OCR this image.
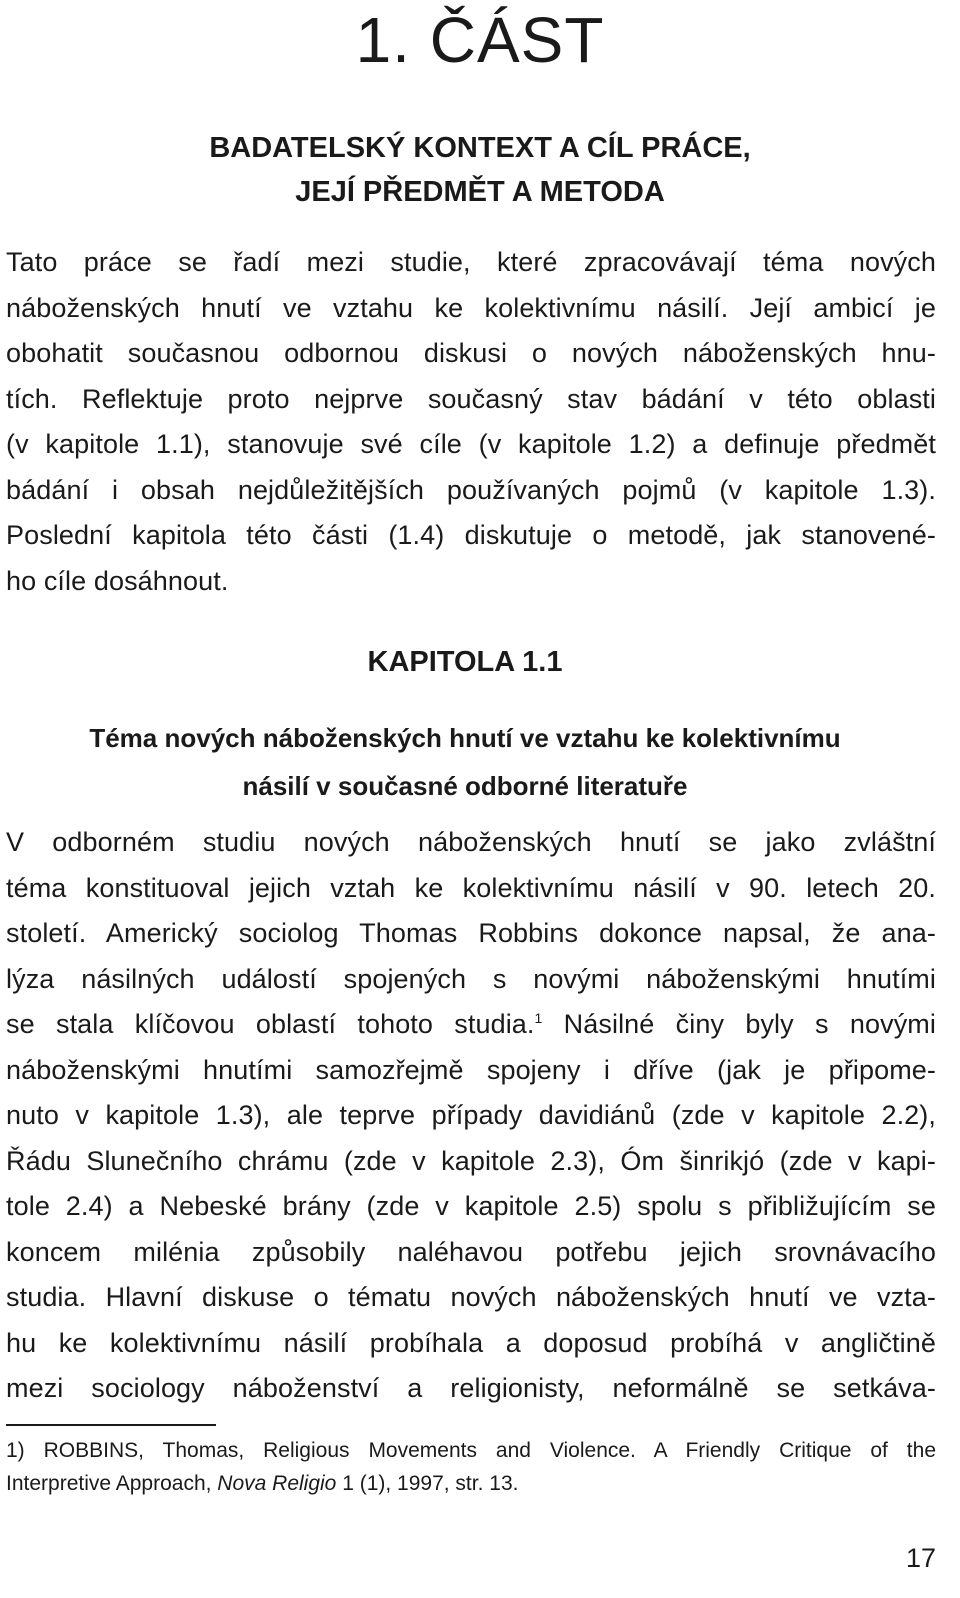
1. ČÁST
BADATELSKÝ KONTEXT A CÍL PRÁCE,
JEJÍ PŘEDMĚT A METODA
Tato práce se řadí mezi studie, které zpracovávají téma nových
náboženských hnutí ve vztahu ke kolektivnímu násilí. Její ambicí je
obohatit současnou odbornou diskusi o nových náboženských hnu-
tích. Reflektuje proto nejprve současný stav bádání v této oblasti
(v kapitole 1.1), stanovuje své cíle (v kapitole 1.2) a definuje předmět
bádání i obsah nejdůležitějších používaných pojmů (v kapitole 1.3).
Poslední kapitola této části (1.4) diskutuje o metodě, jak stanovené-
ho cíle dosáhnout.
KAPITOLA 1.1
Téma nových náboženských hnutí ve vztahu ke kolektivnímu
násilí v současné odborné literatuře
V odborném studiu nových náboženských hnutí se jako zvláštní
téma konstituoval jejich vztah ke kolektivnímu násilí v 90. letech 20.
století. Americký sociolog Thomas Robbins dokonce napsal, že ana-
lýza násilných událostí spojených s novými náboženskými hnutími
se stala klíčovou oblastí tohoto studia.$^1$ Násilné činy byly s novými
náboženskými hnutími samozřejmě spojeny i dříve (jak je připome-
nuto v kapitole 1.3), ale teprve případy davidiánů (zde v kapitole 2.2),
Řádu Slunečního chrámu (zde v kapitole 2.3), Óm šinrikjó (zde v kapi-
tole 2.4) a Nebeské brány (zde v kapitole 2.5) spolu s přibližujícím se
koncem milénia způsobily naléhavou potřebu jejich srovnávacího
studia. Hlavní diskuse o tématu nových náboženských hnutí ve vzta-
hu ke kolektivnímu násilí probíhala a doposud probíhá v angličtině
mezi sociology náboženství a religionisty, neformálně se setkáva-
1) ROBBINS, Thomas, Religious Movements and Violence. A Friendly Critique of the
Interpretive Approach, Nova Religio 1 (1), 1997, str. 13.
17
